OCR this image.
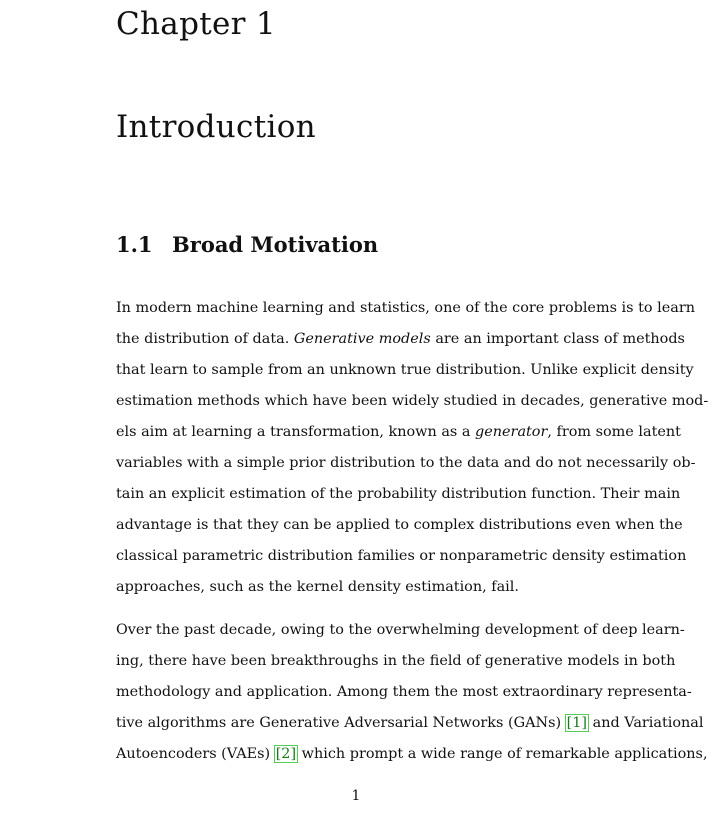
Chapter 1
Introduction
1.1 Broad Motivation
In modern machine learning and statistics, one of the core problems is to learn
the distribution of data. Generative models are an important class of methods
that learn to sample from an unknown true distribution. Unlike explicit density
estimation methods which have been widely studied in decades, generative mod-
els aim at learning a transformation, known as a generator, from some latent
variables with a simple prior distribution to the data and do not necessarily ob-
tain an explicit estimation of the probability distribution function. Their main
advantage is that they can be applied to complex distributions even when the
classical parametric distribution families or nonparametric density estimation
approaches, such as the kernel density estimation, fail.
Over the past decade, owing to the overwhelming development of deep learn-
ing, there have been breakthroughs in the field of generative models in both
methodology and application. Among them the most extraordinary representa-
tive algorithms are Generative Adversarial Networks (GANs) [1] and Variational
Autoencoders (VAEs) [2] which prompt a wide range of remarkable applications,
1
